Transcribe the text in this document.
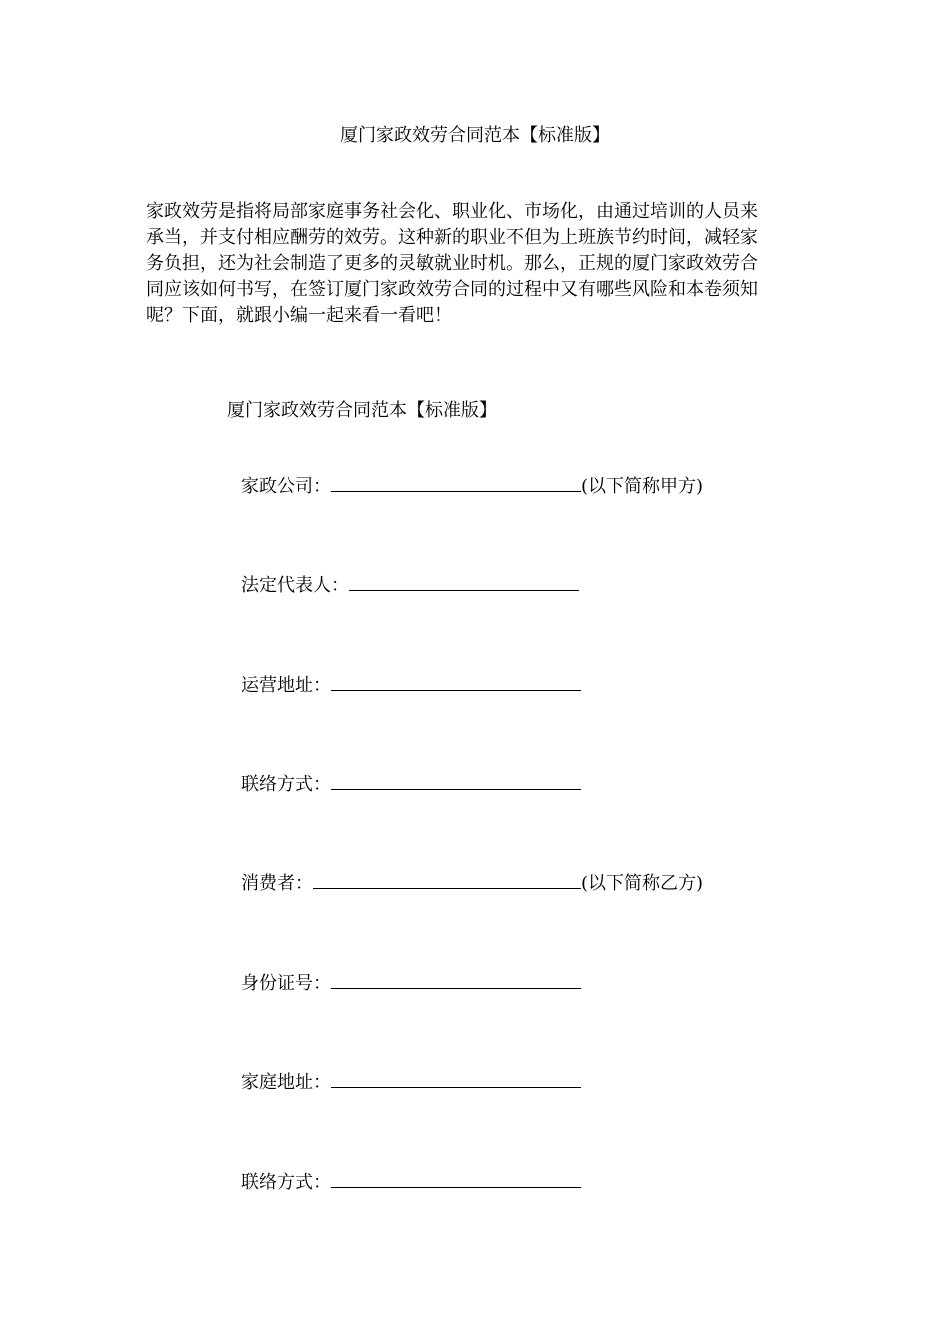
厦门家政效劳合同范本【标准版】
家政效劳是指将局部家庭事务社会化、职业化、市场化，由通过培训的人员来
承当，并支付相应酬劳的效劳。这种新的职业不但为上班族节约时间，减轻家
务负担，还为社会制造了更多的灵敏就业时机。那么，正规的厦门家政效劳合
同应该如何书写，在签订厦门家政效劳合同的过程中又有哪些风险和本卷须知
呢？下面，就跟小编一起来看一看吧！
厦门家政效劳合同范本【标准版】
家政公司：	(以下简称甲方)
法定代表人：
运营地址：
联络方式：
消费者：	(以下简称乙方)
身份证号：
家庭地址：
联络方式：
